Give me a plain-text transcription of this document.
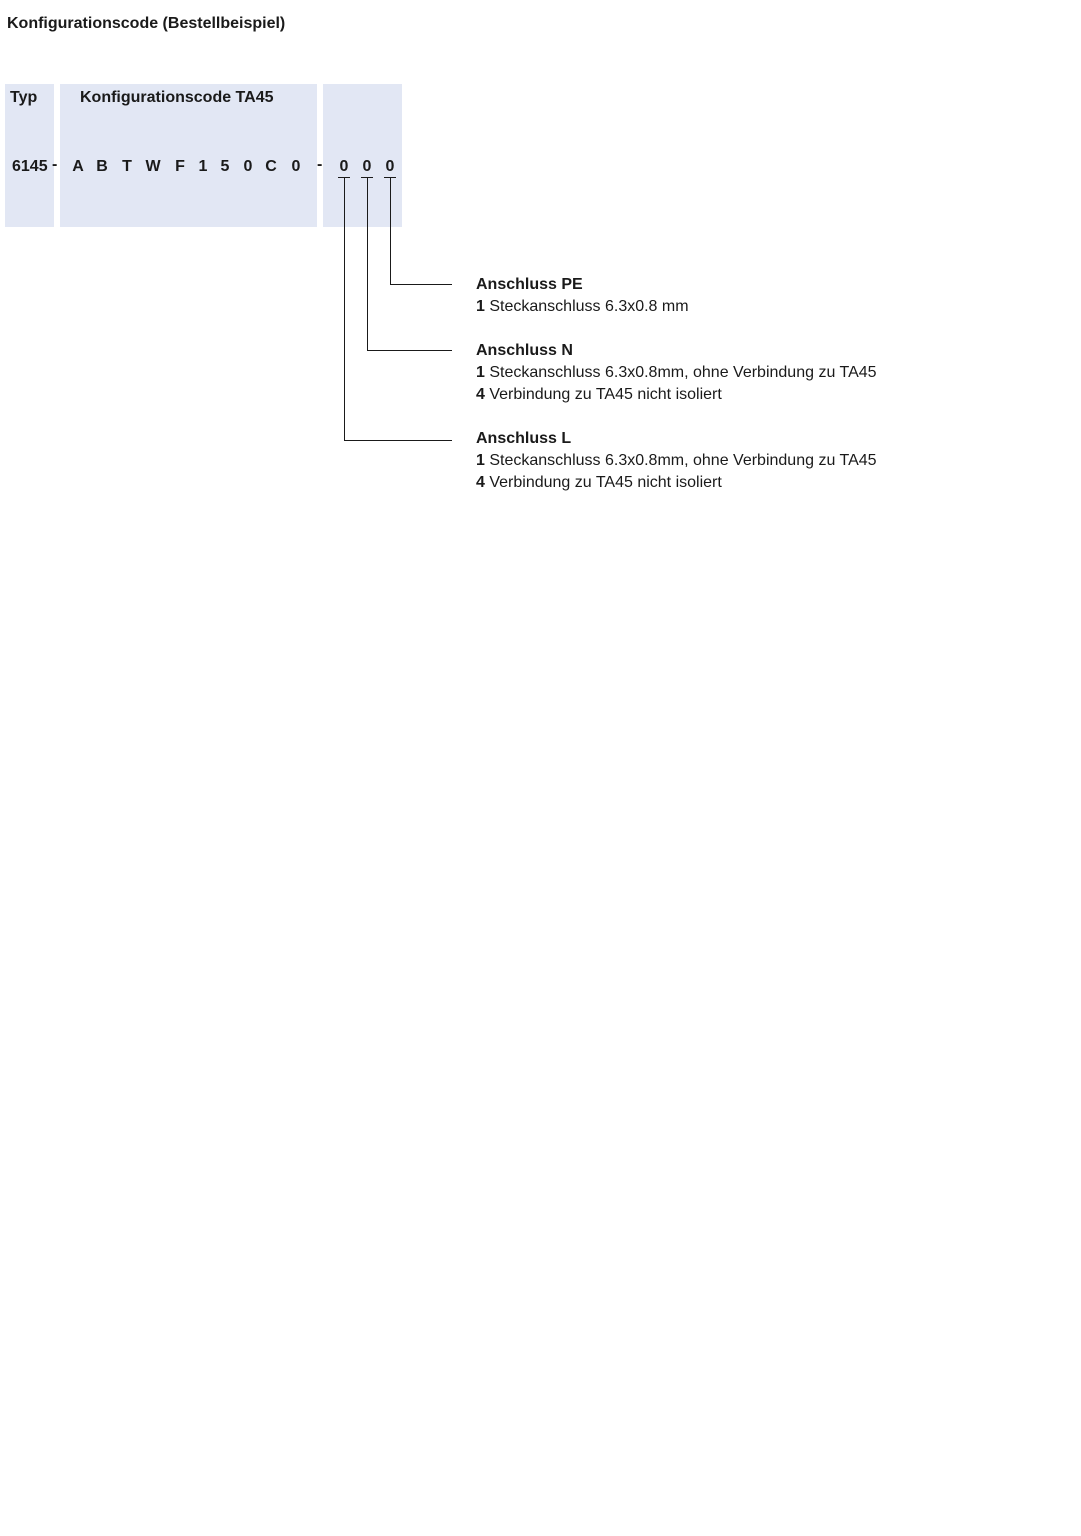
Konfigurationscode (Bestellbeispiel)
Typ	Konfigurationscode TA45
6145 - A B T W F 1 5 0 C 0	-	0 0 0
Anschluss PE
1 Steckanschluss 6.3x0.8 mm
Anschluss N
1 Steckanschluss 6.3x0.8mm, ohne Verbindung zu TA45
4 Verbindung zu TA45 nicht isoliert
Anschluss L
1 Steckanschluss 6.3x0.8mm, ohne Verbindung zu TA45
4 Verbindung zu TA45 nicht isoliert
